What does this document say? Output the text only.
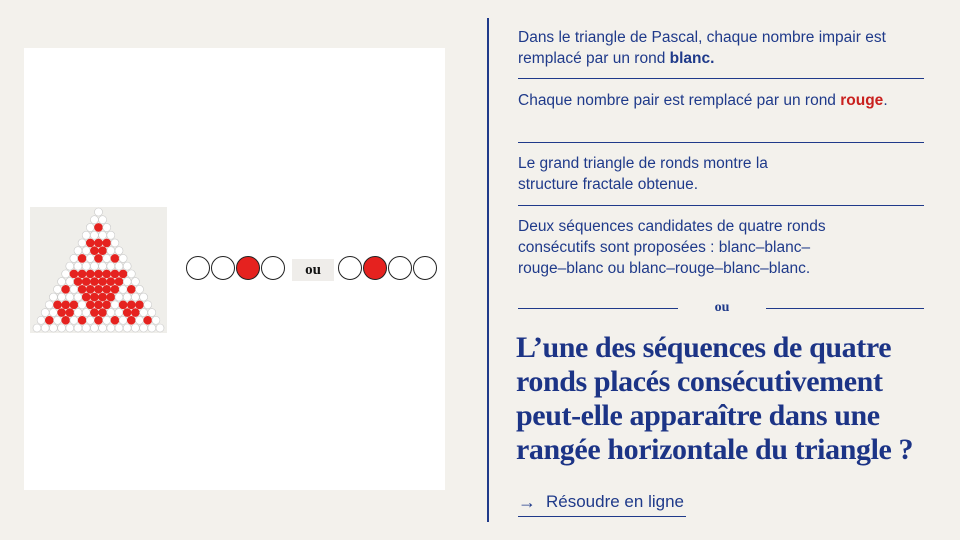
ou
Dans le triangle de Pascal, chaque nombre impair est remplacé par un rond blanc.
Chaque nombre pair est remplacé par un rond rouge.
Le grand triangle de ronds montre la structure fractale obtenue.
Deux séquences candidates de quatre ronds consécutifs sont proposées : blanc–blanc–rouge–blanc ou blanc–rouge–blanc–blanc.
ou
L’une des séquences de quatre ronds placés consécutivement peut-elle apparaître dans une rangée horizontale du triangle ?
→ Résoudre en ligne
